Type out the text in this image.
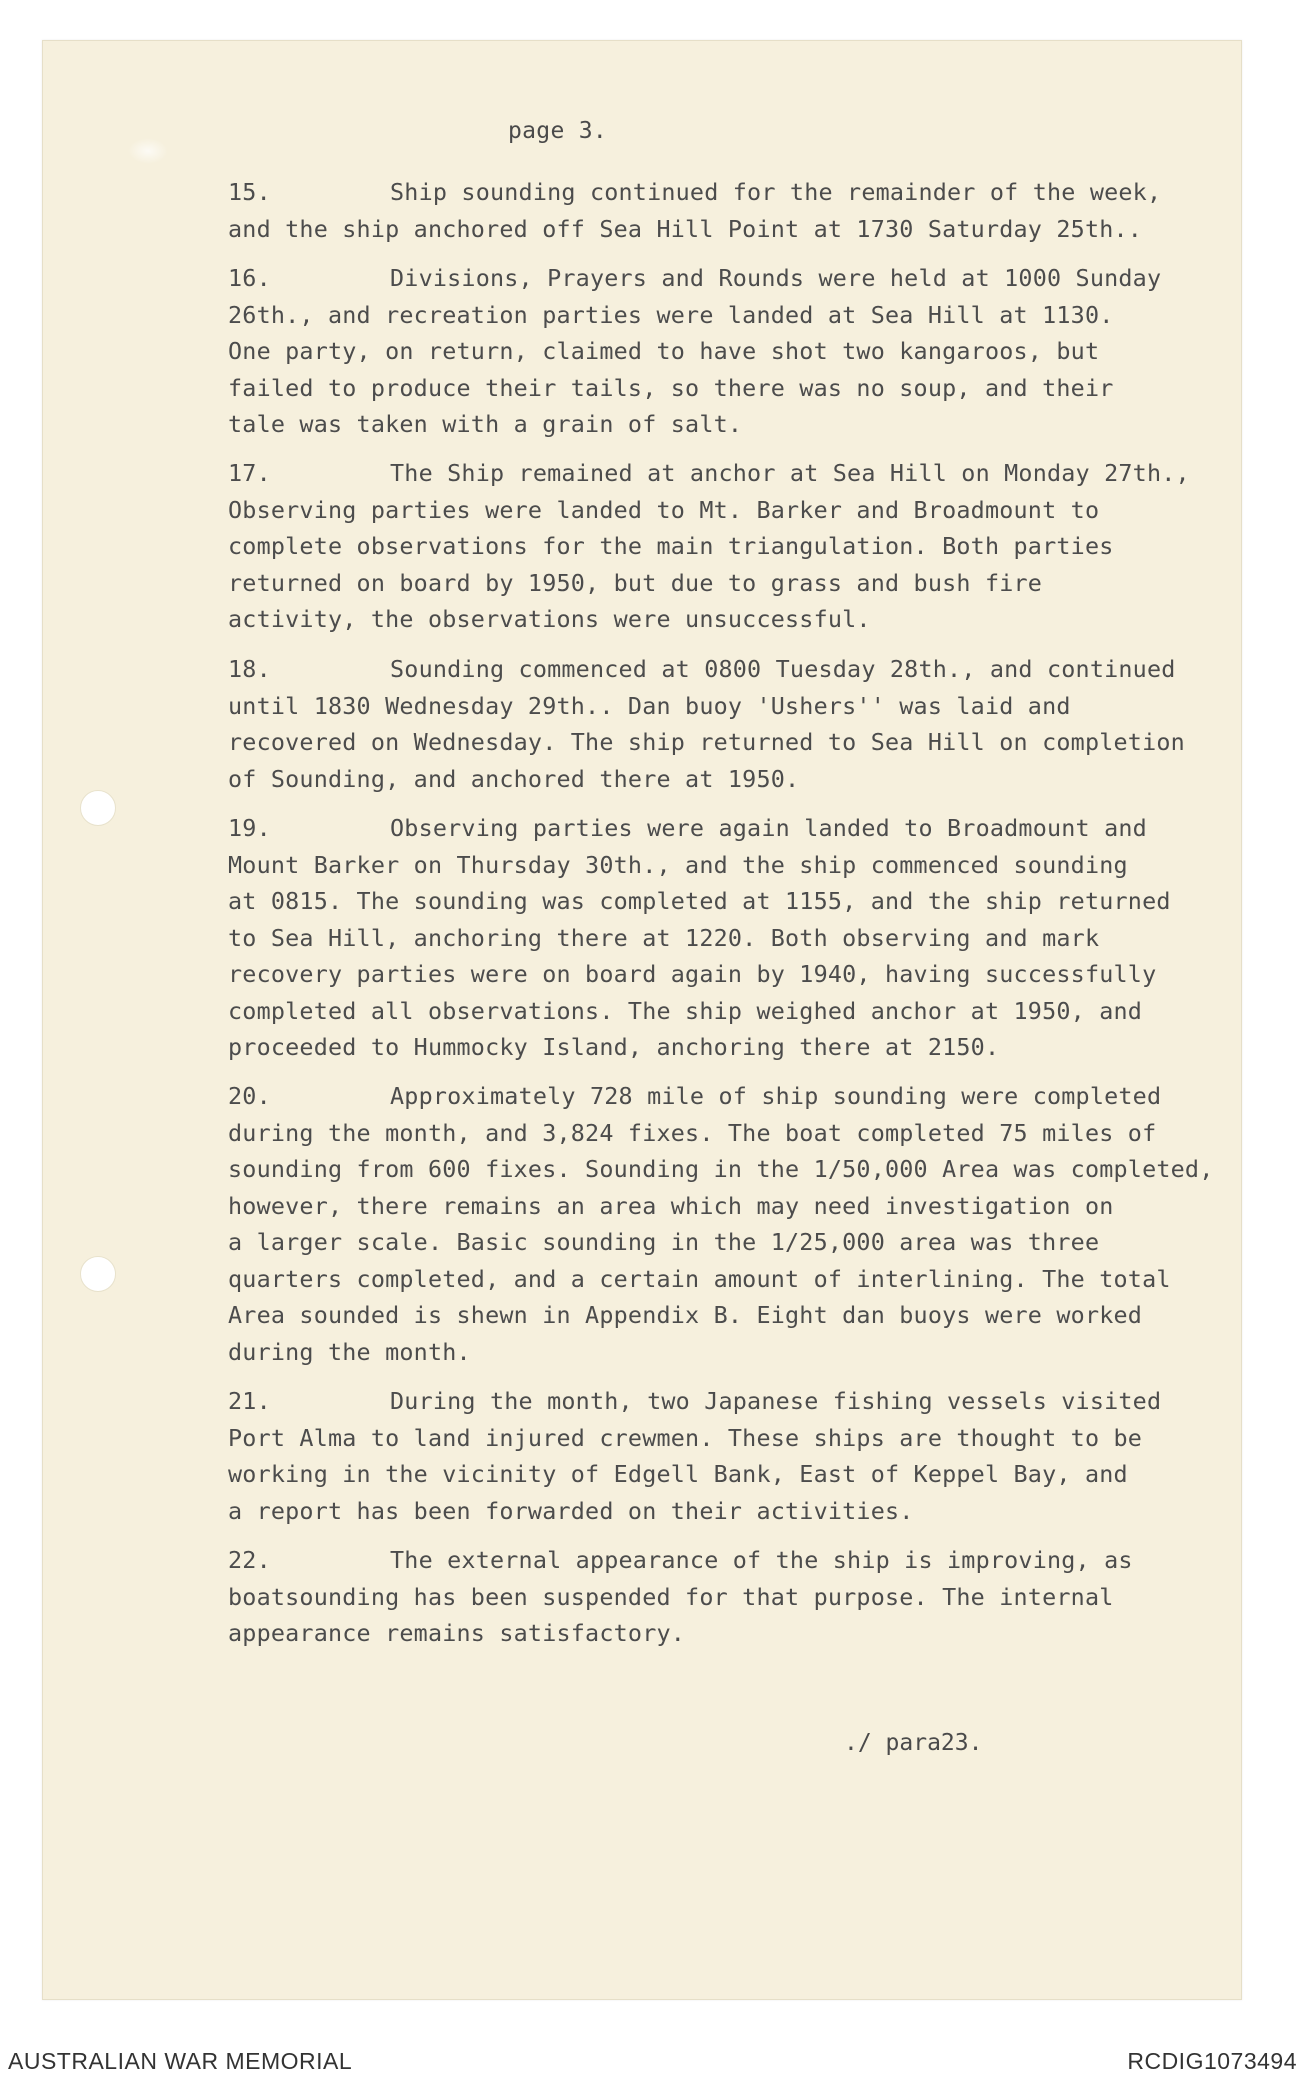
page 3.
15.	Ship sounding continued for the remainder of the week,
and the ship anchored off Sea Hill Point at 1730 Saturday 25th..
16.	Divisions, Prayers and Rounds were held at 1000 Sunday
26th., and recreation parties were landed at Sea Hill at 1130.
One party, on return, claimed to have shot two kangaroos, but
failed to produce their tails, so there was no soup, and their
tale was taken with a grain of salt.
17.	The Ship remained at anchor at Sea Hill on Monday 27th.,
Observing parties were landed to Mt. Barker and Broadmount to
complete observations for the main triangulation. Both parties
returned on board by 1950, but due to grass and bush fire
activity, the observations were unsuccessful.
18.	Sounding commenced at 0800 Tuesday 28th., and continued
until 1830 Wednesday 29th.. Dan buoy 'Ushers'' was laid and
recovered on Wednesday. The ship returned to Sea Hill on completion
of Sounding, and anchored there at 1950.
19.	Observing parties were again landed to Broadmount and
Mount Barker on Thursday 30th., and the ship commenced sounding
at 0815. The sounding was completed at 1155, and the ship returned
to Sea Hill, anchoring there at 1220. Both observing and mark
recovery parties were on board again by 1940, having successfully
completed all observations. The ship weighed anchor at 1950, and
proceeded to Hummocky Island, anchoring there at 2150.
20.	Approximately 728 mile of ship sounding were completed
during the month, and 3,824 fixes. The boat completed 75 miles of
sounding from 600 fixes. Sounding in the 1/50,000 Area was completed,
however, there remains an area which may need investigation on
a larger scale. Basic sounding in the 1/25,000 area was three
quarters completed, and a certain amount of interlining. The total
Area sounded is shewn in Appendix B. Eight dan buoys were worked
during the month.
21.	During the month, two Japanese fishing vessels visited
Port Alma to land injured crewmen. These ships are thought to be
working in the vicinity of Edgell Bank, East of Keppel Bay, and
a report has been forwarded on their activities.
22.	The external appearance of the ship is improving, as
boatsounding has been suspended for that purpose. The internal
appearance remains satisfactory.
./ para23.
AUSTRALIAN WAR MEMORIAL	RCDIG1073494
